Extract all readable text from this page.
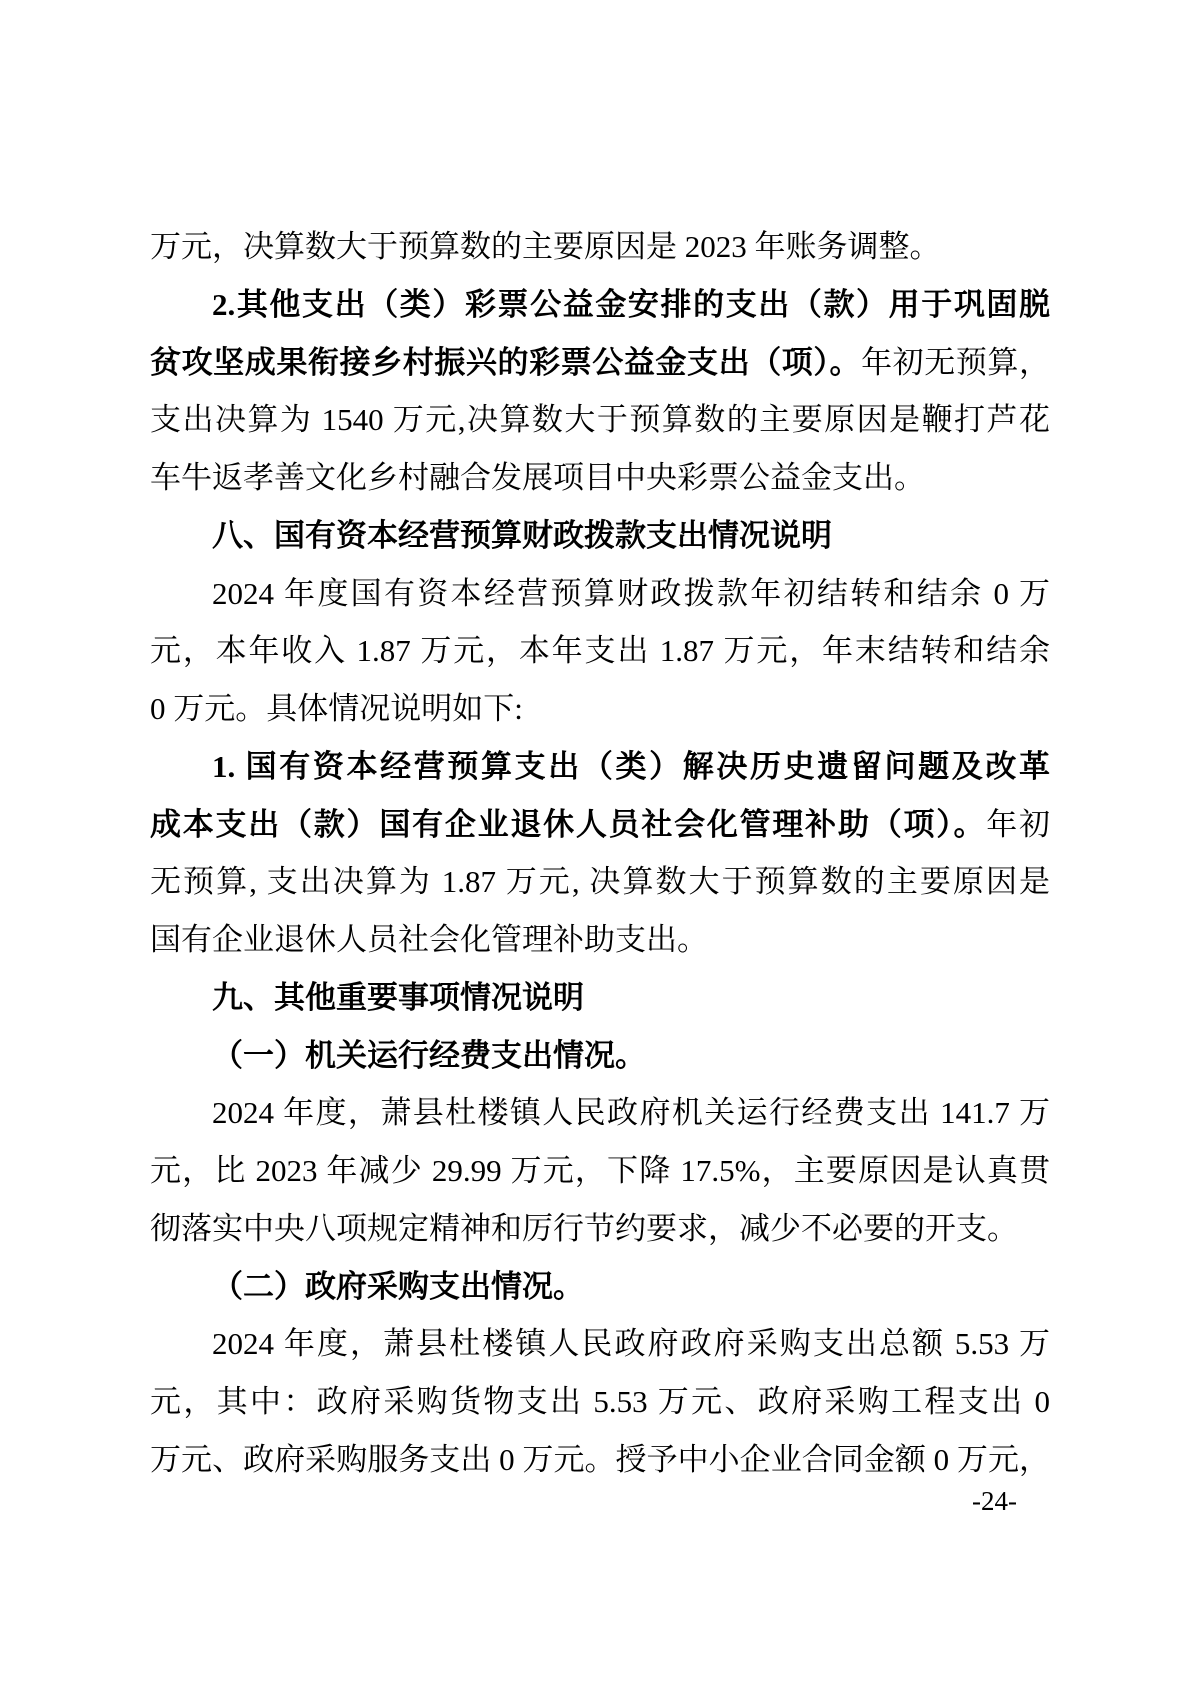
万元，决算数大于预算数的主要原因是 2023 年账务调整。
2.其他支出（类）彩票公益金安排的支出（款）用于巩固脱
贫攻坚成果衔接乡村振兴的彩票公益金支出（项）。年初无预算，
支出决算为 1540 万元,决算数大于预算数的主要原因是鞭打芦花
车牛返孝善文化乡村融合发展项目中央彩票公益金支出。
八、国有资本经营预算财政拨款支出情况说明
2024 年度国有资本经营预算财政拨款年初结转和结余 0 万
元，本年收入 1.87 万元，本年支出 1.87 万元，年末结转和结余
0 万元。具体情况说明如下:
1. 国有资本经营预算支出（类）解决历史遗留问题及改革
成本支出（款）国有企业退休人员社会化管理补助（项）。年初
无预算, 支出决算为 1.87 万元, 决算数大于预算数的主要原因是
国有企业退休人员社会化管理补助支出。
九、其他重要事项情况说明
（一）机关运行经费支出情况。
2024 年度，萧县杜楼镇人民政府机关运行经费支出 141.7 万
元，比 2023 年减少 29.99 万元，下降 17.5%，主要原因是认真贯
彻落实中央八项规定精神和厉行节约要求，减少不必要的开支。
（二）政府采购支出情况。
2024 年度，萧县杜楼镇人民政府政府采购支出总额 5.53 万
元，其中：政府采购货物支出 5.53 万元、政府采购工程支出 0
万元、政府采购服务支出 0 万元。授予中小企业合同金额 0 万元，
-24-
